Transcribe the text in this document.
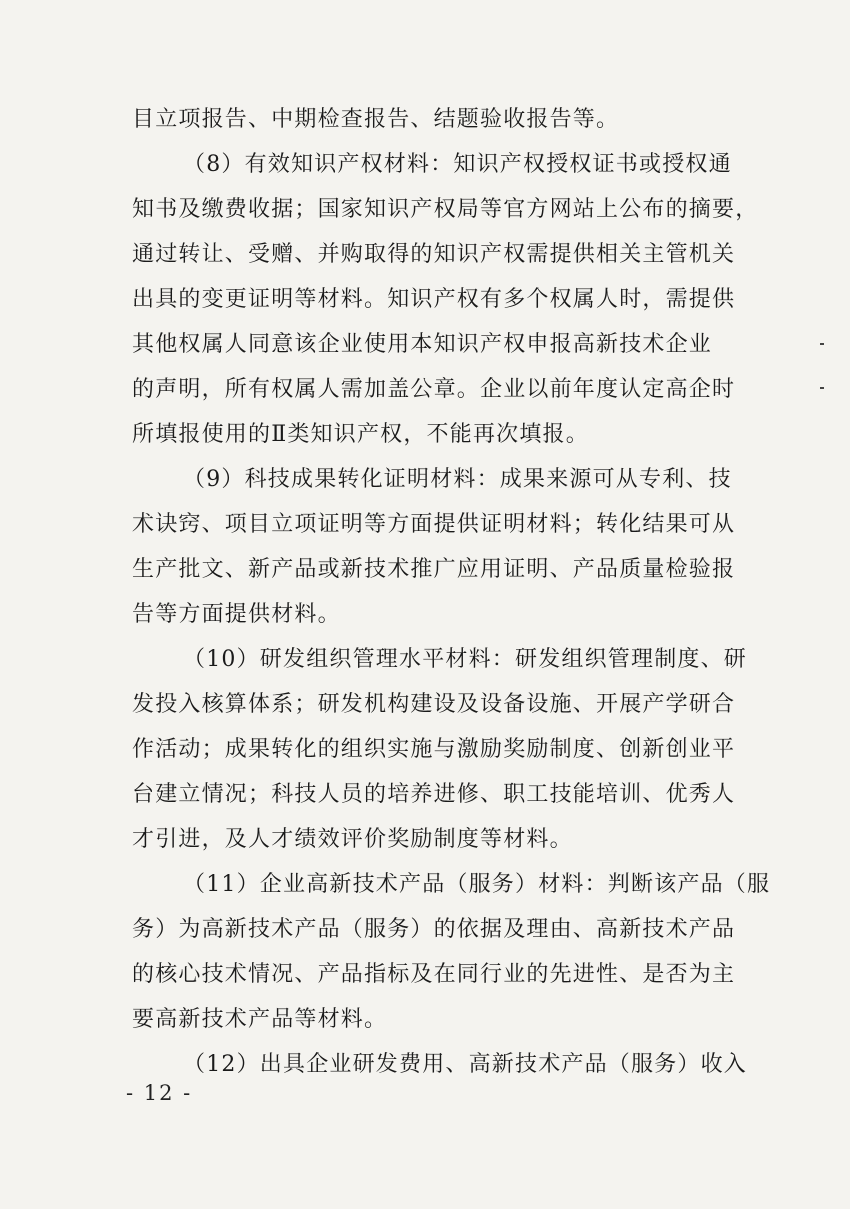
目立项报告、中期检查报告、结题验收报告等。
（8）有效知识产权材料：知识产权授权证书或授权通
知书及缴费收据；国家知识产权局等官方网站上公布的摘要，
通过转让、受赠、并购取得的知识产权需提供相关主管机关
出具的变更证明等材料。知识产权有多个权属人时，需提供
其他权属人同意该企业使用本知识产权申报高新技术企业
的声明，所有权属人需加盖公章。企业以前年度认定高企时
所填报使用的Ⅱ类知识产权，不能再次填报。
（9）科技成果转化证明材料：成果来源可从专利、技
术诀窍、项目立项证明等方面提供证明材料；转化结果可从
生产批文、新产品或新技术推广应用证明、产品质量检验报
告等方面提供材料。
（10）研发组织管理水平材料：研发组织管理制度、研
发投入核算体系；研发机构建设及设备设施、开展产学研合
作活动；成果转化的组织实施与激励奖励制度、创新创业平
台建立情况；科技人员的培养进修、职工技能培训、优秀人
才引进，及人才绩效评价奖励制度等材料。
（11）企业高新技术产品（服务）材料：判断该产品（服
务）为高新技术产品（服务）的依据及理由、高新技术产品
的核心技术情况、产品指标及在同行业的先进性、是否为主
要高新技术产品等材料。
（12）出具企业研发费用、高新技术产品（服务）收入
- 12 -
